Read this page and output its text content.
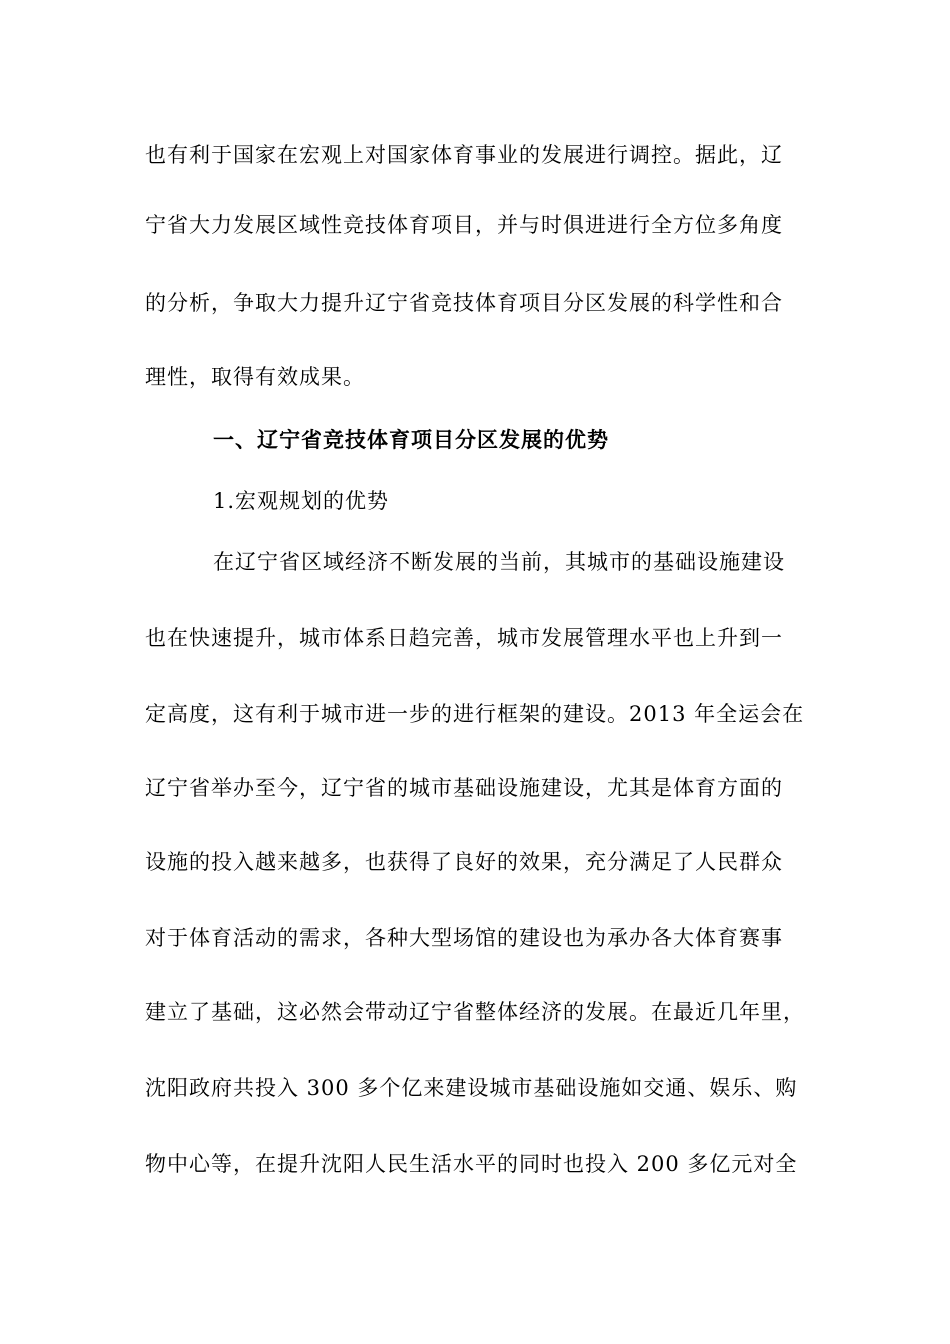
也有利于国家在宏观上对国家体育事业的发展进行调控。据此，辽
宁省大力发展区域性竞技体育项目，并与时俱进进行全方位多角度
的分析，争取大力提升辽宁省竞技体育项目分区发展的科学性和合
理性，取得有效成果。
一、辽宁省竞技体育项目分区发展的优势
1.宏观规划的优势
在辽宁省区域经济不断发展的当前，其城市的基础设施建设
也在快速提升，城市体系日趋完善，城市发展管理水平也上升到一
定高度，这有利于城市进一步的进行框架的建设。2013 年全运会在
辽宁省举办至今，辽宁省的城市基础设施建设，尤其是体育方面的
设施的投入越来越多，也获得了良好的效果，充分满足了人民群众
对于体育活动的需求，各种大型场馆的建设也为承办各大体育赛事
建立了基础，这必然会带动辽宁省整体经济的发展。在最近几年里，
沈阳政府共投入 300 多个亿来建设城市基础设施如交通、娱乐、购
物中心等，在提升沈阳人民生活水平的同时也投入 200 多亿元对全
